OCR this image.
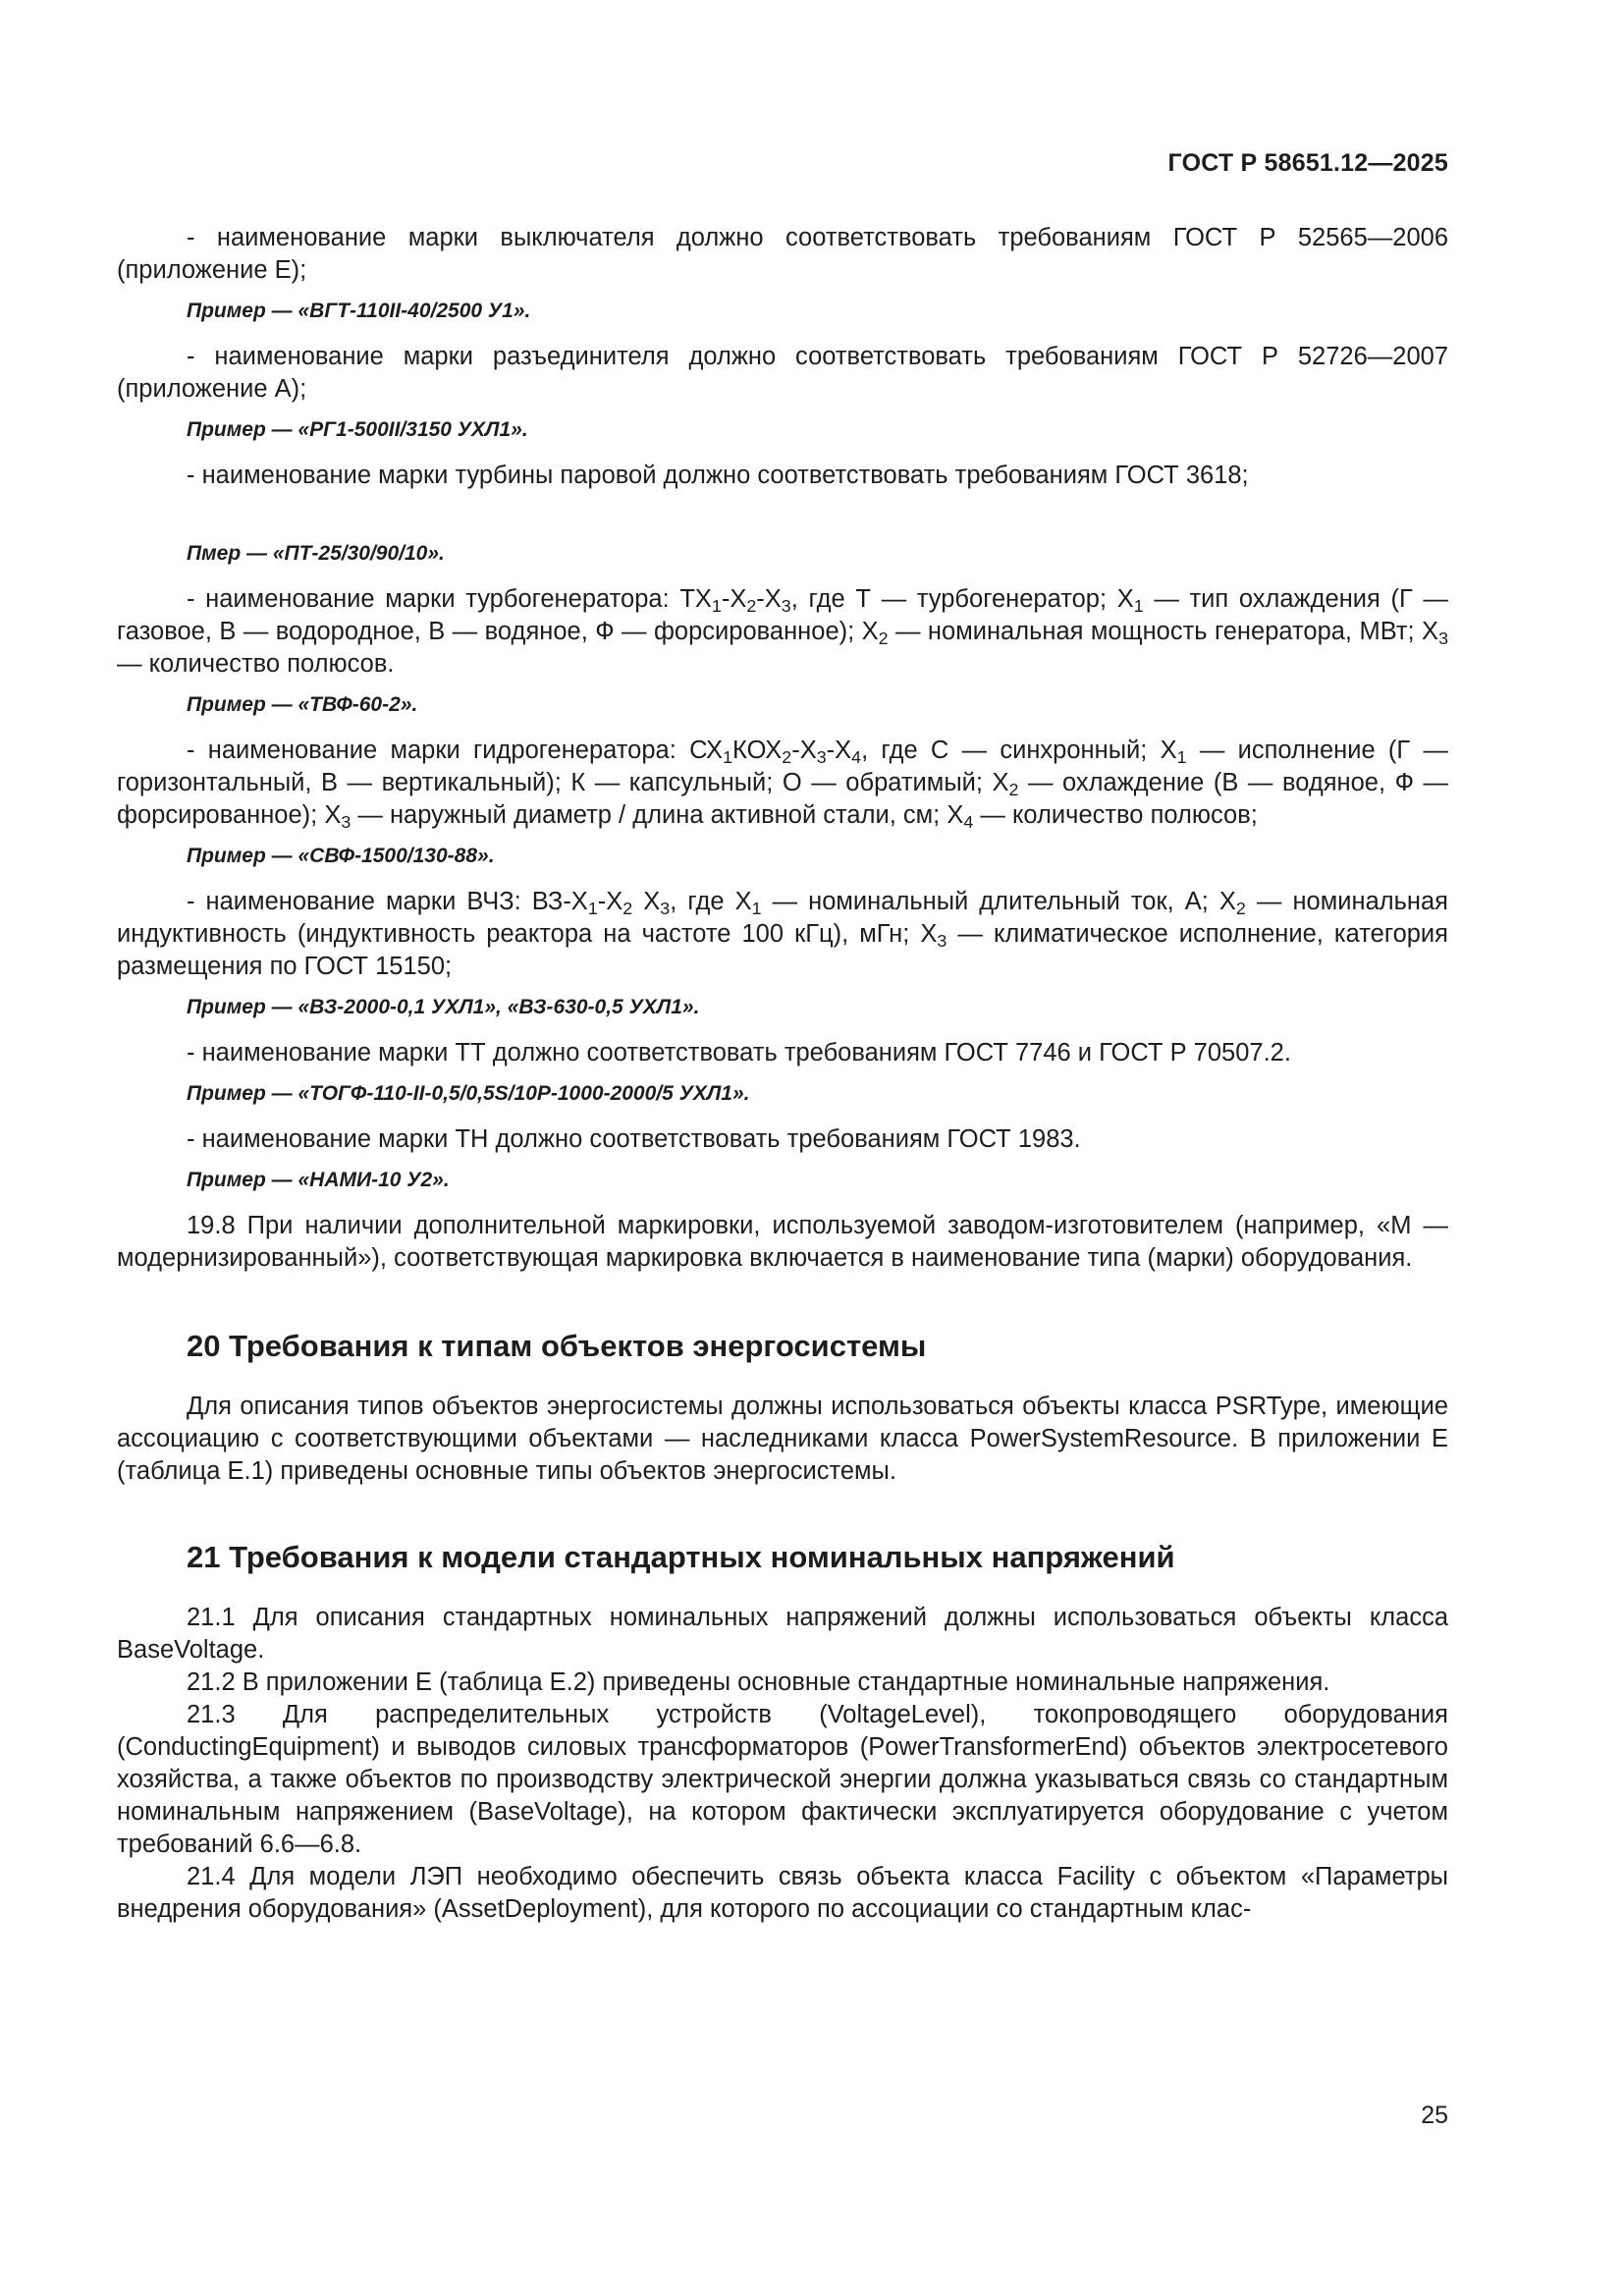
ГОСТ Р 58651.12—2025

- наименование марки выключателя должно соответствовать требованиям ГОСТ Р 52565—2006 (приложение Е);

Пример — «ВГТ-110II-40/2500 У1».

- наименование марки разъединителя должно соответствовать требованиям ГОСТ Р 52726—2007 (приложение А);

Пример — «РГ1-500II/3150 УХЛ1».

- наименование марки турбины паровой должно соответствовать требованиям ГОСТ 3618;

Пмер — «ПТ-25/30/90/10».

- наименование марки турбогенератора: $ТХ_1-Х_2-Х_3$, где Т — турбогенератор; $Х_1$ — тип охлаждения (Г — газовое, В — водородное, В — водяное, Ф — форсированное); $Х_2$ — номинальная мощность генератора, МВт; $Х_3$ — количество полюсов.

Пример — «ТВФ-60-2».

- наименование марки гидрогенератора: $СХ_1КОХ_2-Х_3-Х_4$, где С — синхронный; $Х_1$ — исполнение (Г — горизонтальный, В — вертикальный); К — капсульный; О — обратимый; $Х_2$ — охлаждение (В — водяное, Ф — форсированное); $Х_3$ — наружный диаметр / длина активной стали, см; $Х_4$ — количество полюсов;

Пример — «СВФ-1500/130-88».

- наименование марки ВЧЗ: $ВЗ-Х_1-Х_2$ $Х_3$, где $Х_1$ — номинальный длительный ток, А; $Х_2$ — номинальная индуктивность (индуктивность реактора на частоте 100 кГц), мГн; $Х_3$ — климатическое исполнение, категория размещения по ГОСТ 15150;

Пример — «ВЗ-2000-0,1 УХЛ1», «ВЗ-630-0,5 УХЛ1».

- наименование марки ТТ должно соответствовать требованиям ГОСТ 7746 и ГОСТ Р 70507.2.

Пример — «ТОГФ-110-II-0,5/0,5S/10P-1000-2000/5 УХЛ1».

- наименование марки ТН должно соответствовать требованиям ГОСТ 1983.

Пример — «НАМИ-10 У2».

19.8 При наличии дополнительной маркировки, используемой заводом-изготовителем (например, «М — модернизированный»), соответствующая маркировка включается в наименование типа (марки) оборудования.

20 Требования к типам объектов энергосистемы

Для описания типов объектов энергосистемы должны использоваться объекты класса PSRType, имеющие ассоциацию с соответствующими объектами — наследниками класса PowerSystemResource. В приложении Е (таблица Е.1) приведены основные типы объектов энергосистемы.

21 Требования к модели стандартных номинальных напряжений

21.1 Для описания стандартных номинальных напряжений должны использоваться объекты класса BaseVoltage.

21.2 В приложении Е (таблица Е.2) приведены основные стандартные номинальные напряжения.

21.3 Для распределительных устройств (VoltageLevel), токопроводящего оборудования (ConductingEquipment) и выводов силовых трансформаторов (PowerTransformerEnd) объектов электросетевого хозяйства, а также объектов по производству электрической энергии должна указываться связь со стандартным номинальным напряжением (BaseVoltage), на котором фактически эксплуатируется оборудование с учетом требований 6.6—6.8.

21.4 Для модели ЛЭП необходимо обеспечить связь объекта класса Facility с объектом «Параметры внедрения оборудования» (AssetDeployment), для которого по ассоциации со стандартным клас-

25
